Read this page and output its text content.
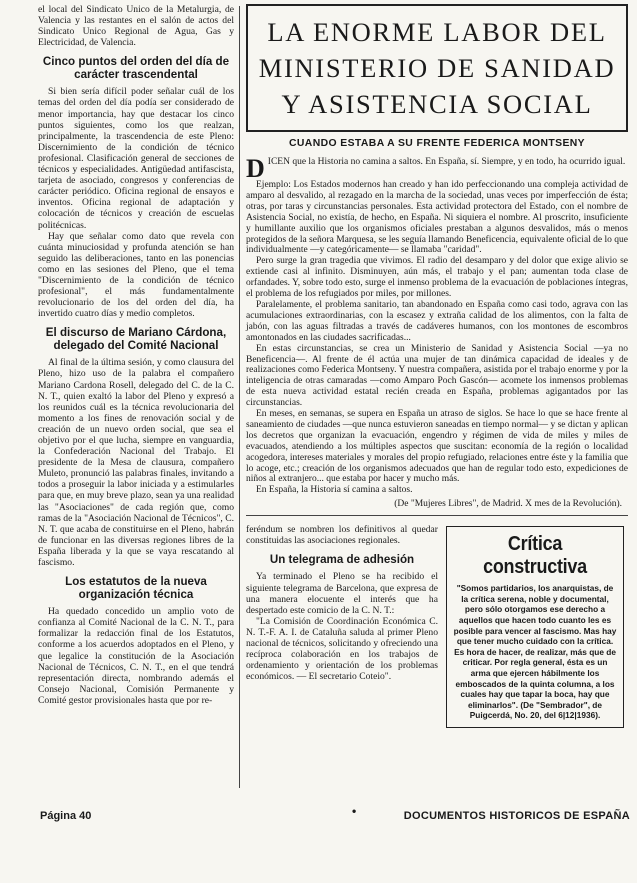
el local del Sindicato Unico de la Metalurgia, de Valencia y las restantes en el salón de actos del Sindicato Unico Regional de Agua, Gas y Electricidad, de Valencia.

Cinco puntos del orden del día de carácter trascendental

Si bien sería difícil poder señalar cuál de los temas del orden del día podía ser considerado de menor importancia, hay que destacar los cinco puntos siguientes, como los que realzan, principalmente, la trascendencia de este Pleno: Discernimiento de la condición de técnico profesional. Clasificación general de secciones de técnicos y especialidades. Antigüedad antifascista, tarjeta de asociado, congresos y conferencias de carácter periódico. Oficina regional de ensayos e inventos. Oficina regional de adaptación y colocación de técnicos y creación de escuelas politécnicas.

Hay que señalar como dato que revela con cuánta minuciosidad y profunda atención se han seguido las deliberaciones, tanto en las ponencias como en las sesiones del Pleno, que el tema "Discernimiento de la condición de técnico profesional", el más fundamentalmente revolucionario de los del orden del día, ha invertido cuatro días y medio completos.

El discurso de Mariano Cárdona, delegado del Comité Nacional

Al final de la última sesión, y como clausura del Pleno, hizo uso de la palabra el compañero Mariano Cardona Rosell, delegado del C. de la C. N. T., quien exaltó la labor del Pleno y expresó a los reunidos cuál es la técnica revolucionaria del momento a los fines de renovación social y de creación de un nuevo orden social, que sea el objetivo por el que lucha, siempre en vanguardia, la Confederación Nacional del Trabajo. El presidente de la Mesa de clausura, compañero Muleto, pronunció las palabras finales, invitando a todos a proseguir la labor iniciada y a estimularles para que, en muy breve plazo, sean ya una realidad las "Asociaciones" de cada región que, como ramas de la "Asociación Nacional de Técnicos", C. N. T. que acaba de constituirse en el Pleno, habrán de funcionar en las diversas regiones libres de la España liberada y la que se vaya rescatando al fascismo.

Los estatutos de la nueva organización técnica

Ha quedado concedido un amplio voto de confianza al Comité Nacional de la C. N. T., para formalizar la redacción final de los Estatutos, conforme a los acuerdos adoptados en el Pleno, y que legalice la constitución de la Asociación Nacional de Técnicos, C. N. T., en el que tendrá representación directa, nombrando además el Consejo Nacional, Comisión Permanente y Comité gestor provisionales hasta que por re-

LA ENORME LABOR DEL
MINISTERIO DE SANIDAD
Y ASISTENCIA SOCIAL
CUANDO ESTABA A SU FRENTE FEDERICA MONTSENY

DICEN que la Historia no camina a saltos. En España, sí. Siempre, y en todo, ha ocurrido igual.

Ejemplo: Los Estados modernos han creado y han ido perfeccionando una compleja actividad de amparo al desvalido, al rezagado en la marcha de la sociedad, unas veces por imperfección de ésta; otras, por taras y circunstancias personales. Esta actividad protectora del Estado, con el nombre de Asistencia Social, no existía, de hecho, en España. Ni siquiera el nombre. Al proscrito, insuficiente y humillante auxilio que los organismos oficiales prestaban a algunos desvalidos, más o menos protegidos de la señora Marquesa, se les seguía llamando Beneficencia, equivalente oficial de lo que individualmente —y categóricamente— se llamaba "caridad".

Pero surge la gran tragedia que vivimos. El radio del desamparo y del dolor que exige alivio se extiende casi al infinito. Disminuyen, aún más, el trabajo y el pan; aumentan toda clase de orfandades. Y, sobre todo esto, surge el inmenso problema de la evacuación de poblaciones íntegras, el problema de los refugiados por miles, por millones.

Paralelamente, el problema sanitario, tan abandonado en España como casi todo, agrava con las acumulaciones extraordinarias, con la escasez y extraña calidad de los alimentos, con la falta de jabón, con las aguas filtradas a través de cadáveres humanos, con los montones de escombros amontonados en las ciudades sacrificadas...

En estas circunstancias, se crea un Ministerio de Sanidad y Asistencia Social —ya no Beneficencia—. Al frente de él actúa una mujer de tan dinámica capacidad de ideales y de realizaciones como Federica Montseny. Y nuestra compañera, asistida por el trabajo enorme y por la inteligencia de otras camaradas —como Amparo Poch Gascón— acomete los inmensos problemas de esta nueva actividad estatal recién creada en España, problemas agigantados por las circunstancias.

En meses, en semanas, se supera en España un atraso de siglos. Se hace lo que se hace frente al saneamiento de ciudades —que nunca estuvieron saneadas en tiempo normal— y se dictan y aplican los decretos que organizan la evacuación, engendro y régimen de vida de miles y miles de evacuados, atendiendo a los múltiples aspectos que suscitan: economía de la región o localidad acogedora, intereses materiales y morales del propio refugiado, relaciones entre éste y la familia que lo acoge, etc.; creación de los organismos adecuados que han de regular todo esto, expediciones de niños al extranjero... que estaba por hacer y mucho más.

En España, la Historia sí camina a saltos.

(De "Mujeres Libres", de Madrid. X mes de la Revolución).

feréndum se nombren los definitivos al quedar constituidas las asociaciones regionales.

Un telegrama de adhesión

Ya terminado el Pleno se ha recibido el siguiente telegrama de Barcelona, que expresa de una manera elocuente el interés que ha despertado este comicio de la C. N. T.:

"La Comisión de Coordinación Económica C. N. T.-F. A. I. de Cataluña saluda al primer Pleno nacional de técnicos, solicitando y ofreciendo una recíproca colaboración en los trabajos de ordenamiento y orientación de los problemas económicos. — El secretario Coteio".

Crítica constructiva

"Somos partidarios, los anarquistas, de la crítica serena, noble y documental, pero sólo otorgamos ese derecho a aquellos que hacen todo cuanto les es posible para vencer al fascismo. Mas hay que tener mucho cuidado con la crítica. Es hora de hacer, de realizar, más que de criticar. Por regla general, ésta es un arma que ejercen hábilmente los emboscados de la quinta columna, a los cuales hay que tapar la boca, hay que eliminarlos". (De "Sembrador", de Puigcerdá, No. 20, del 6|12|1936).

Página 40	•	DOCUMENTOS HISTORICOS DE ESPAÑA
